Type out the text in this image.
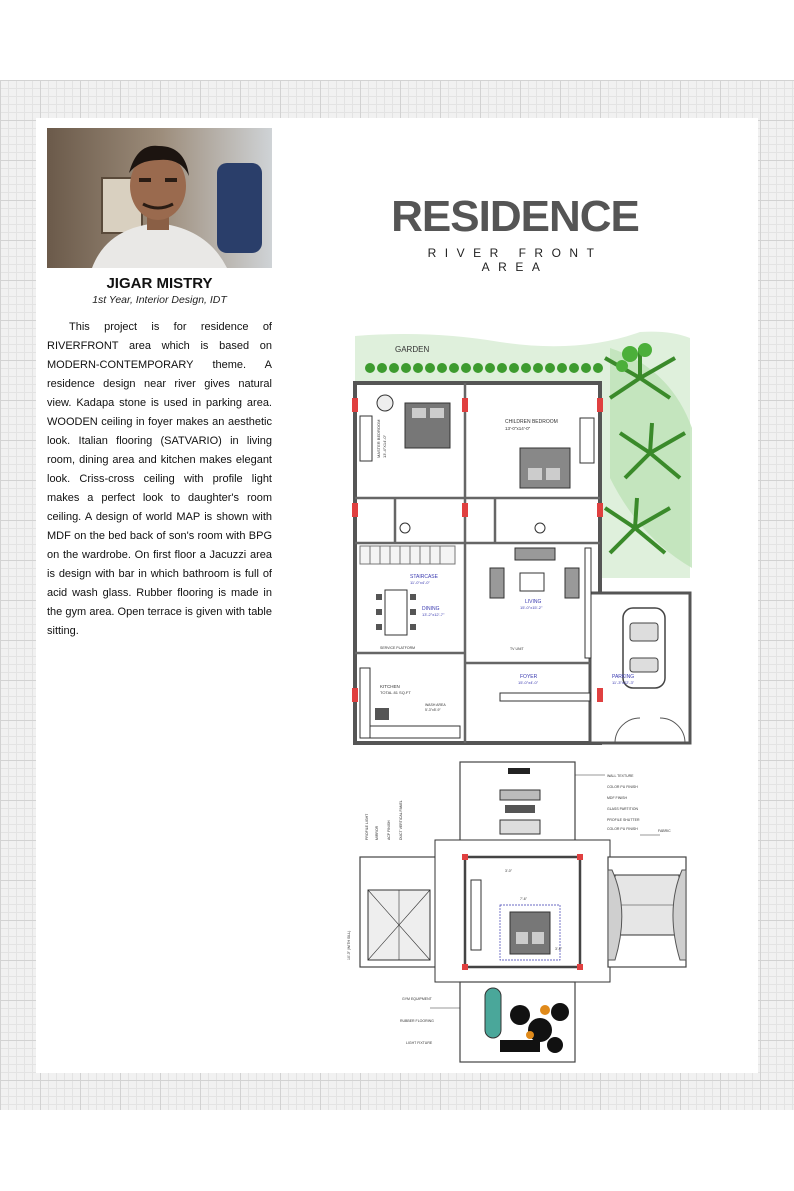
JIGAR MISTRY
1st Year, Interior Design, IDT

This project is for residence of RIVERFRONT area which is based on MODERN-CONTEMPORARY theme. A residence design near river gives natural view. Kadapa stone is used in parking area. WOODEN ceiling in foyer makes an aesthetic look. Italian flooring (SATVARIO) in living room, dining area and kitchen makes elegant look. Criss-cross ceiling with profile light makes a perfect look to daughter's room ceiling. A design of world MAP is shown with MDF on the bed back of son's room with BPG on the wardrobe. On first floor a Jacuzzi area is design with bar in which bathroom is full of acid wash glass. Rubber flooring is made in the gym area. Open terrace is given with table sitting.

RESIDENCE
RIVER FRONT AREA
GARDEN
MASTER BEDROOM 13'-4"X14'-0"
CHILDREN BEDROOM
13'-0"x14'-0"
STAIRCASE
11'-0"x4'-0"
DINING
13'-2"x12'-7"
SERVICE PLATFORM
LIVING
15'-0"x15'-2"
TV UNIT
FOYER
15'-0"x4'-0"
PARKING
11'-3"x22'-3"
KITCHEN
TOTAL 81 SQ.FT
WASH AREA
5'-3"x5'-9"
WALL TEXTURE
COLOR PU FINISH
MDF FINISH
GLASS PARTITION
PROFILE SHUTTER
COLOR PU FINISH
PROFILE LIGHT MIRROR ACP FINISH DUCT VERTICAL PANEL
10'-3" (WITH SILL)
3'-0"
7'-6"
3'-6"
FABRIC
GYM EQUIPMENT
RUBBER FLOORING
LIGHT FIXTURE
